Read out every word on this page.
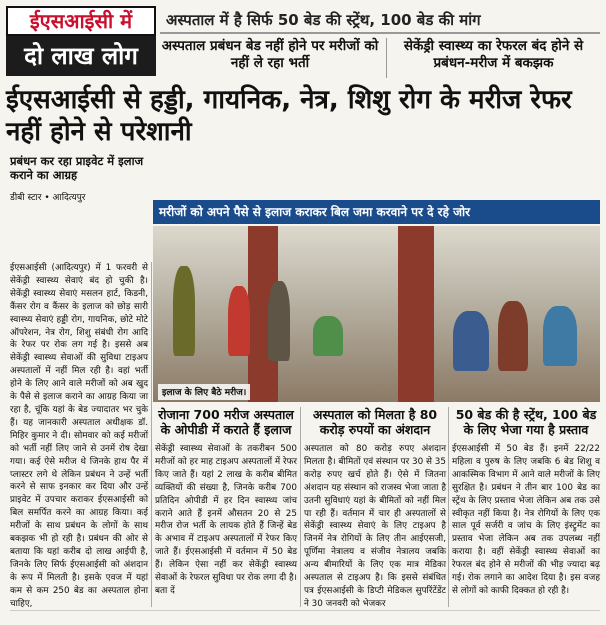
ईएसआईसी में
दो लाख लोग
अस्पताल में है सिर्फ 50 बेड की स्ट्रेंथ, 100 बेड की मांग
अस्पताल प्रबंधन बेड नहीं होने पर मरीजों को नहीं ले रहा भर्ती
सेकेंड्री स्वास्थ्य का रेफरल बंद होने से प्रबंधन-मरीज में बकझक
ईएसआईसी से हड्डी, गायनिक, नेत्र, शिशु रोग के मरीज रेफर नहीं होने से परेशानी
प्रबंधन कर रहा प्राइवेट में इलाज कराने का आग्रह
डीबी स्टार • आदित्यपुर
मरीजों को अपने पैसे से इलाज कराकर बिल जमा करवाने पर दे रहे जोर
इलाज के लिए बैठे मरीज।
ईएसआईसी (आदित्यपुर) में 1 फरवरी से सेकेंड्री स्वास्थ्य सेवाएं बंद हो चुकी है। सेकेंड्री स्वास्थ्य सेवाएं मसलन हार्ट, किडनी, कैंसर रोग व कैंसर के इलाज को छोड़ सारी स्वास्थ्य सेवाएं हड्डी रोग, गायनिक, छोटे मोटे ऑपरेशन, नेत्र रोग, शिशु संबंधी रोग आदि के रेफर पर रोक लग गई है। इससे अब सेकेंड्री स्वास्थ्य सेवाओं की सुविधा टाइअप अस्पतालों में नहीं मिल रही है। वहां भर्ती होने के लिए आने वाले मरीजों को अब खुद के पैसे से इलाज कराने का आग्रह किया जा रहा है, चूंकि यहां के बेड ज्यादातर भर चुके हैं। यह जानकारी अस्पताल अधीक्षक डॉ. मिहिर कुमार ने दी। सोमवार को कई मरीजों को भर्ती नहीं लिए जाने से उनमें रोष देखा गया। कई ऐसे मरीज थे जिनके हाथ पैर में प्लास्टर लगे थे लेकिन प्रबंधन ने उन्हें भर्ती करने से साफ इनकार कर दिया और उन्हें प्राइवेट में उपचार कराकर ईएसआईसी को बिल समर्पित करने का आग्रह किया। कई मरीजों के साथ प्रबंधन के लोगों के साथ बकझक भी हो रही है। प्रबंधन की ओर से बताया कि यहां करीब दो लाख आईपी है, जिनके लिए सिर्फ ईएसआईसी को अंशदान के रूप में मिलती है। इसके एवज में यहां कम से कम 250 बेड का अस्पताल होना चाहिए,
रोजाना 700 मरीज अस्पताल के ओपीडी में कराते हैं इलाज
सेकेंड्री स्वास्थ्य सेवाओं के तकरीबन 500 मरीजों को हर माह टाइअप अस्पतालों में रेफर किए जाते हैं। यहां 2 लाख के करीब बीमित व्यक्तियों की संख्या है, जिनके करीब 700 प्रतिदिन ओपीडी में हर दिन स्वास्थ्य जांच कराने आते हैं इनमें औसतन 20 से 25 मरीज रोज भर्ती के लायक होते हैं जिन्हें बेड के अभाव में टाइअप अस्पतालों में रेफर किए जाते हैं। ईएसआईसी में वर्तमान में 50 बेड हैं। लेकिन ऐसा नहीं कर सेकेंड्री स्वास्थ्य सेवाओं के रेफरल सुविधा पर रोक लगा दी है। बता दें
अस्पताल को मिलता है 80 करोड़ रुपयों का अंशदान
अस्पताल को 80 करोड़ रुपए अंशदान मिलता है। बीमितों एवं संस्थान पर 30 से 35 करोड़ रुपए खर्च होते हैं। ऐसे में जितना अंशदान यह संस्थान को राजस्व भेजा जाता है उतनी सुविधाएं यहां के बीमितों को नहीं मिल पा रही हैं। वर्तमान में चार ही अस्पतालों से सेकेंड्री स्वास्थ्य सेवाएं के लिए टाइअप है जिनमें नेत्र रोगियों के लिए तीन आईएसजी, पूर्णिमा नेत्रालय व संजीव नेत्रालय जबकि अन्य बीमारियों के लिए एक मात्र मेडिका अस्पताल से टाइअप है। कि इससे संबंधित पत्र ईएसआईसी के डिप्टी मेडिकल सुपरिंटेंडेंट ने 30 जनवरी को भेजकर
50 बेड की है स्ट्रेंथ, 100 बेड के लिए भेजा गया है प्रस्ताव
ईएसआईसी में 50 बेड हैं। इनमें 22/22 महिला व पुरुष के लिए जबकि 6 बेड शिशु व आकस्मिक विभाग में आने वाले मरीजों के लिए सुरक्षित है। प्रबंधन ने तीन बार 100 बेड का स्ट्रेंथ के लिए प्रस्ताव भेजा लेकिन अब तक उसे स्वीकृत नहीं किया है। नेत्र रोगियों के लिए एक साल पूर्व सर्जरी व जांच के लिए इंस्ट्रुमेंट का प्रस्ताव भेजा लेकिन अब तक उपलब्ध नहीं कराया है। वहीं सेकेंड्री स्वास्थ्य सेवाओं का रेफरल बंद होने से मरीजों की भीड़ ज्यादा बढ़ गई। रोक लगाने का आदेश दिया है। इस वजह से लोगों को काफी दिक्कत हो रही है।
